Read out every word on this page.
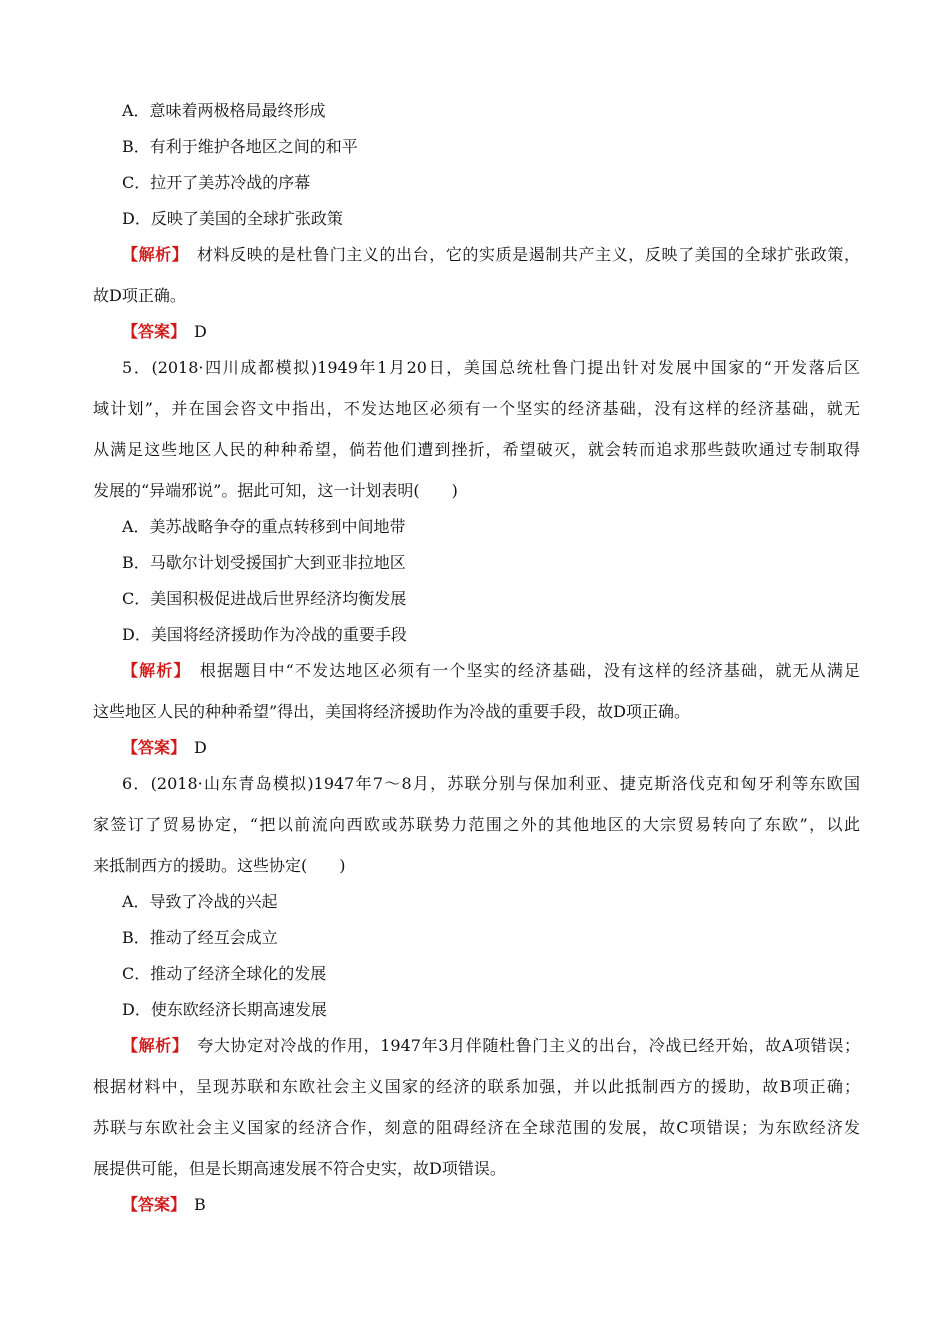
A．意味着两极格局最终形成
B．有利于维护各地区之间的和平
C．拉开了美苏冷战的序幕
D．反映了美国的全球扩张政策
【解析】　 材料反映的是杜鲁门主义的出台，它的实质是遏制共产主义，反映了美国的全球扩张政策，
故D项正确。
【答案】　 D
5．(2018·四川成都模拟)1949年1月20日，美国总统杜鲁门提出针对发展中国家的“开发落后区
域计划”，并在国会咨文中指出，不发达地区必须有一个坚实的经济基础，没有这样的经济基础，就无
从满足这些地区人民的种种希望，倘若他们遭到挫折，希望破灭，就会转而追求那些鼓吹通过专制取得
发展的“异端邪说”。据此可知，这一计划表明(　　)
A．美苏战略争夺的重点转移到中间地带
B．马歇尔计划受援国扩大到亚非拉地区
C．美国积极促进战后世界经济均衡发展
D．美国将经济援助作为冷战的重要手段
【解析】　 根据题目中“不发达地区必须有一个坚实的经济基础，没有这样的经济基础，就无从满足
这些地区人民的种种希望”得出，美国将经济援助作为冷战的重要手段，故D项正确。
【答案】　 D
6．(2018·山东青岛模拟)1947年7～8月，苏联分别与保加利亚、捷克斯洛伐克和匈牙利等东欧国
家签订了贸易协定，“把以前流向西欧或苏联势力范围之外的其他地区的大宗贸易转向了东欧”，以此
来抵制西方的援助。这些协定(　　)
A．导致了冷战的兴起
B．推动了经互会成立
C．推动了经济全球化的发展
D．使东欧经济长期高速发展
【解析】　 夸大协定对冷战的作用，1947年3月伴随杜鲁门主义的出台，冷战已经开始，故A项错误；
根据材料中，呈现苏联和东欧社会主义国家的经济的联系加强，并以此抵制西方的援助，故B项正确；
苏联与东欧社会主义国家的经济合作，刻意的阻碍经济在全球范围的发展，故C项错误；为东欧经济发
展提供可能，但是长期高速发展不符合史实，故D项错误。
【答案】　 B
